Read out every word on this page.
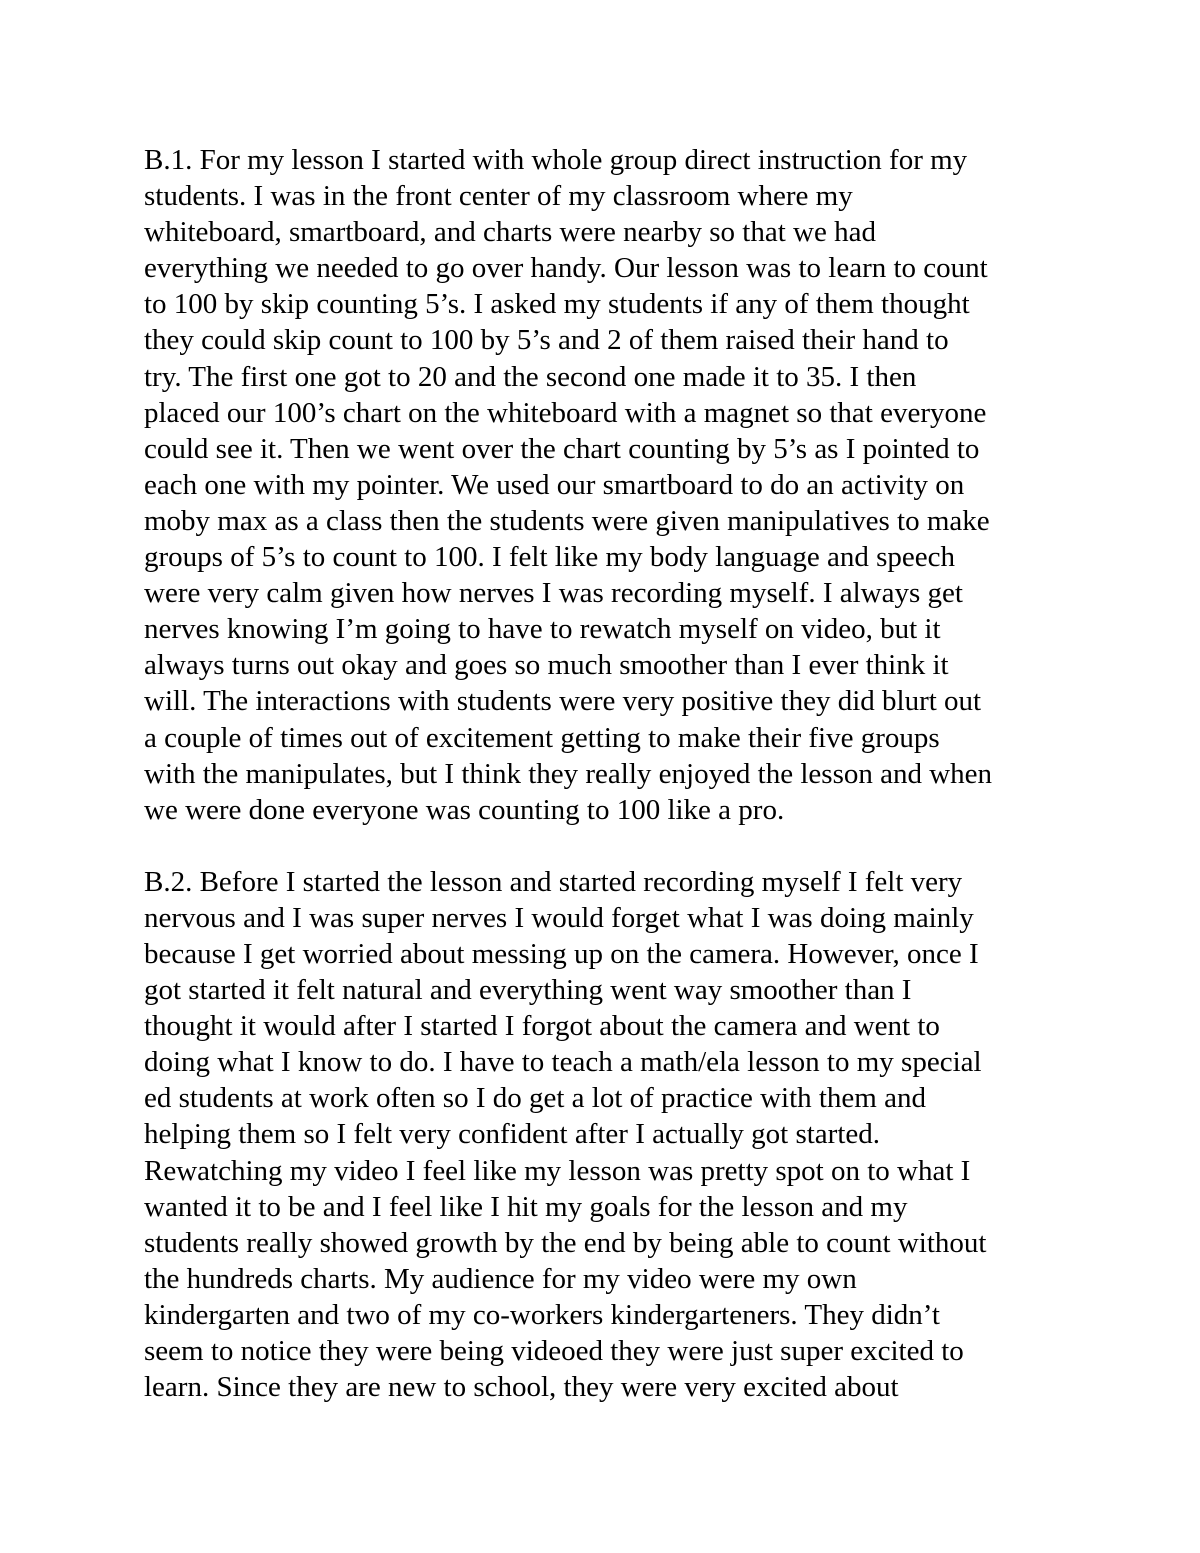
B.1. For my lesson I started with whole group direct instruction for my
students. I was in the front center of my classroom where my
whiteboard, smartboard, and charts were nearby so that we had
everything we needed to go over handy. Our lesson was to learn to count
to 100 by skip counting 5’s. I asked my students if any of them thought
they could skip count to 100 by 5’s and 2 of them raised their hand to
try. The first one got to 20 and the second one made it to 35. I then
placed our 100’s chart on the whiteboard with a magnet so that everyone
could see it. Then we went over the chart counting by 5’s as I pointed to
each one with my pointer. We used our smartboard to do an activity on
moby max as a class then the students were given manipulatives to make
groups of 5’s to count to 100. I felt like my body language and speech
were very calm given how nerves I was recording myself. I always get
nerves knowing I’m going to have to rewatch myself on video, but it
always turns out okay and goes so much smoother than I ever think it
will. The interactions with students were very positive they did blurt out
a couple of times out of excitement getting to make their five groups
with the manipulates, but I think they really enjoyed the lesson and when
we were done everyone was counting to 100 like a pro.
B.2. Before I started the lesson and started recording myself I felt very
nervous and I was super nerves I would forget what I was doing mainly
because I get worried about messing up on the camera. However, once I
got started it felt natural and everything went way smoother than I
thought it would after I started I forgot about the camera and went to
doing what I know to do. I have to teach a math/ela lesson to my special
ed students at work often so I do get a lot of practice with them and
helping them so I felt very confident after I actually got started.
Rewatching my video I feel like my lesson was pretty spot on to what I
wanted it to be and I feel like I hit my goals for the lesson and my
students really showed growth by the end by being able to count without
the hundreds charts. My audience for my video were my own
kindergarten and two of my co-workers kindergarteners. They didn’t
seem to notice they were being videoed they were just super excited to
learn. Since they are new to school, they were very excited about
